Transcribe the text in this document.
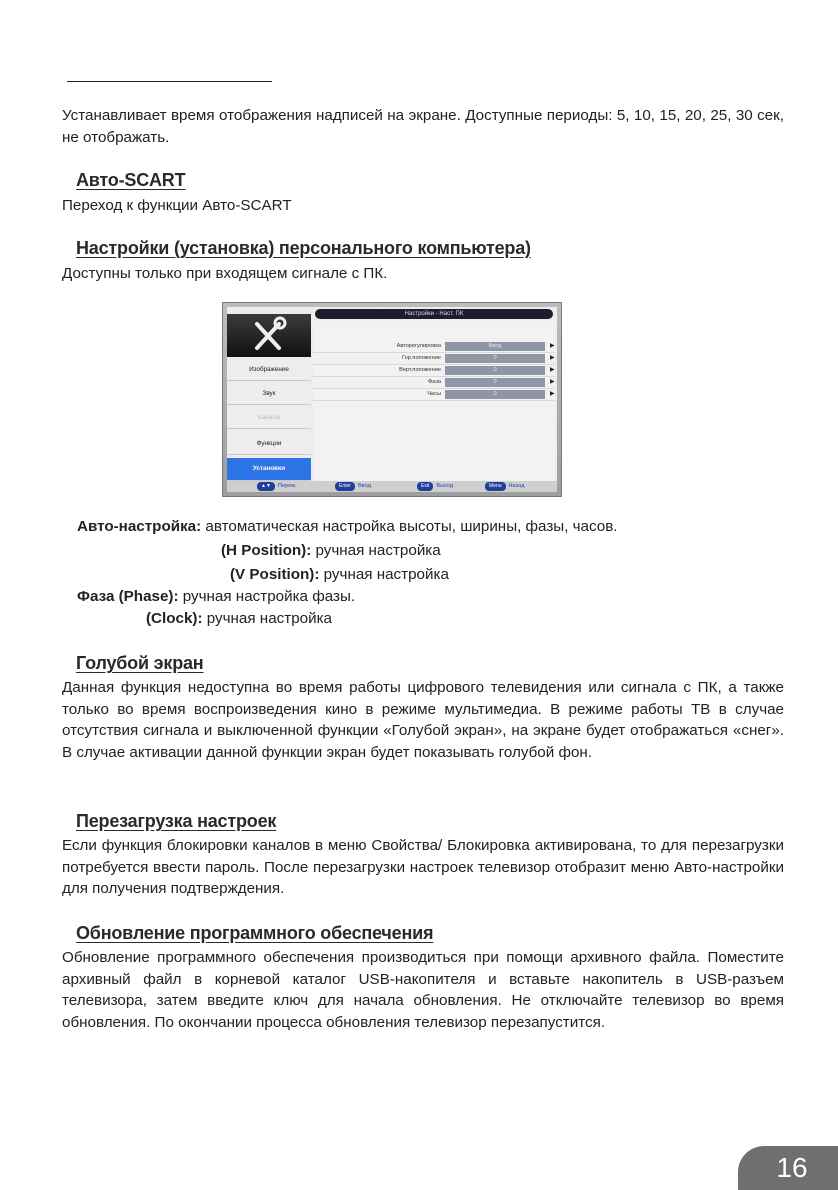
Устанавливает время отображения надписей на экране. Доступные периоды: 5, 10, 15, 20, 25, 30 сек, не отображать.
Авто-SCART
Переход к функции Авто-SCART
Настройки (установка) персонального компьютера)
Доступны только при входящем сигнале с ПК.
Настройки - Наст. ПК
Изображение
Звук
Каналы
Функции
Установки
Авторегулировка	Ввод	▶
Гор.положение	0	▶
Верт.положение	0	▶
Фаза	0	▶
Часы	0	▶
▲▼ Перем.	Enter Ввод	Exit Выход	Menu Назад
Авто-настройка: автоматическая настройка высоты, ширины, фазы, часов.
(H Position): ручная настройка
(V Position): ручная настройка
Фаза (Phase): ручная настройка фазы.
(Clock): ручная настройка
Голубой экран
Данная функция недоступна во время работы цифрового телевидения или сигнала с ПК, а также только во время воспроизведения кино в режиме мультимедиа. В режиме работы ТВ в случае отсутствия сигнала и выключенной функции «Голубой экран», на экране будет отображаться «снег». В случае активации данной функции экран будет показывать голубой фон.
Перезагрузка настроек
Если функция блокировки каналов в меню Свойства/ Блокировка активирована, то для перезагрузки потребуется ввести пароль. После перезагрузки настроек телевизор отобразит меню Авто-настройки для получения подтверждения.
Обновление программного обеспечения
Обновление программного обеспечения производиться при помощи архивного файла. Поместите архивный файл в корневой каталог USB-накопителя и вставьте накопитель в USB-разъем телевизора, затем введите ключ для начала обновления. Не отключайте телевизор во время обновления. По окончании процесса обновления телевизор перезапустится.
16
